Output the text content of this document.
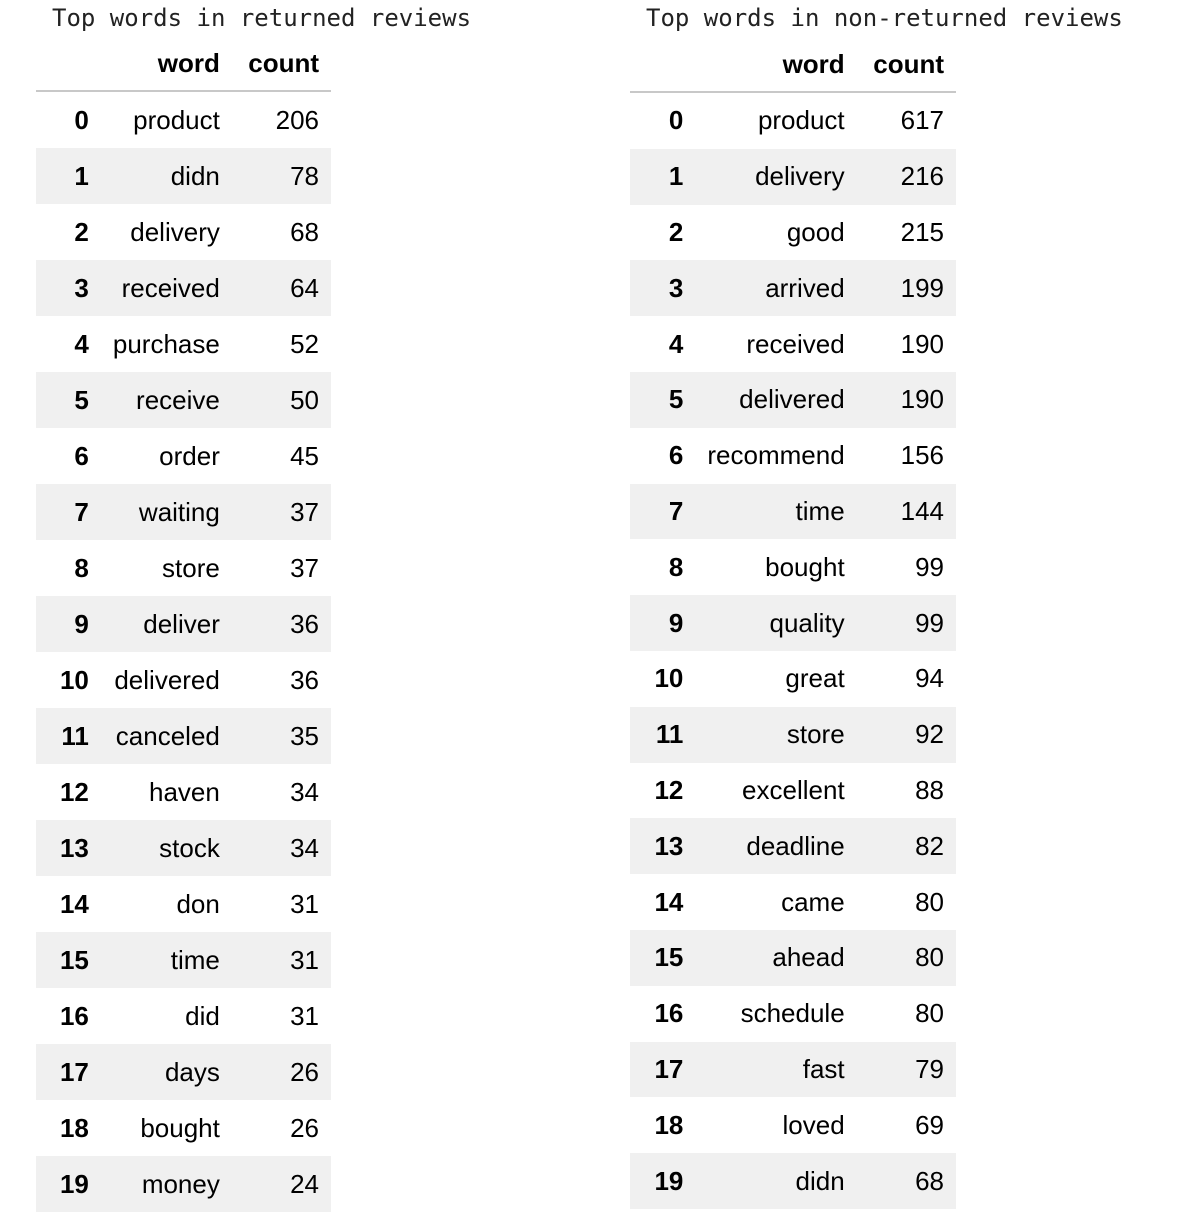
Top words in returned reviews
	word	count
0	product	206
1	didn	78
2	delivery	68
3	received	64
4	purchase	52
5	receive	50
6	order	45
7	waiting	37
8	store	37
9	deliver	36
10	delivered	36
11	canceled	35
12	haven	34
13	stock	34
14	don	31
15	time	31
16	did	31
17	days	26
18	bought	26
19	money	24
Top words in non-returned reviews
	word	count
0	product	617
1	delivery	216
2	good	215
3	arrived	199
4	received	190
5	delivered	190
6	recommend	156
7	time	144
8	bought	99
9	quality	99
10	great	94
11	store	92
12	excellent	88
13	deadline	82
14	came	80
15	ahead	80
16	schedule	80
17	fast	79
18	loved	69
19	didn	68
